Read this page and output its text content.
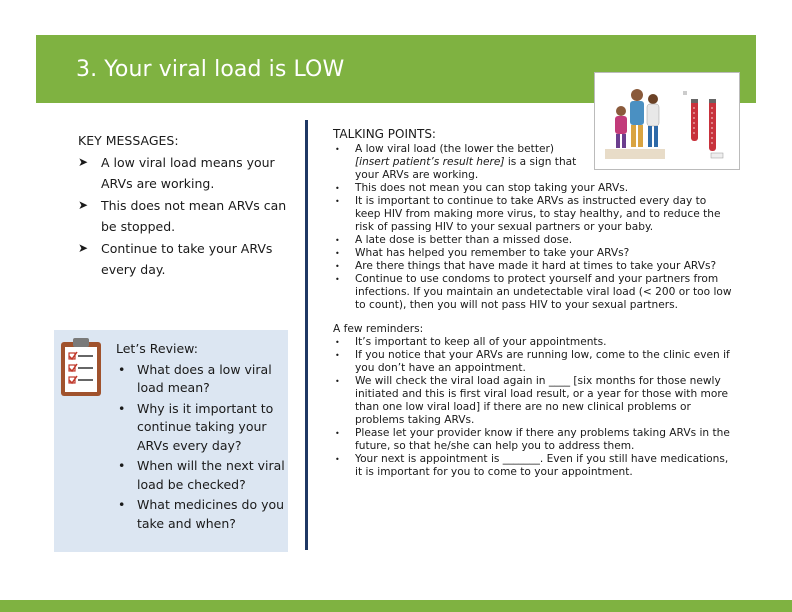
3. Your viral load is LOW
KEY MESSAGES:
➤ A low viral load means your ARVs are working.
➤ This does not mean ARVs can be stopped.
➤ Continue to take your ARVs every day.
Let’s Review:
• What does a low viral load mean?
• Why is it important to continue taking your ARVs every day?
• When will the next viral load be checked?
• What medicines do you take and when?
TALKING POINTS:
• A low viral load (the lower the better) [insert patient’s result here] is a sign that your ARVs are working.
• This does not mean you can stop taking your ARVs.
• It is important to continue to take ARVs as instructed every day to keep HIV from making more virus, to stay healthy, and to reduce the risk of passing HIV to your sexual partners or your baby.
• A late dose is better than a missed dose.
• What has helped you remember to take your ARVs?
• Are there things that have made it hard at times to take your ARVs?
• Continue to use condoms to protect yourself and your partners from infections. If you maintain an undetectable viral load (< 200 or too low to count), then you will not pass HIV to your sexual partners.
A few reminders:
• It’s important to keep all of your appointments.
• If you notice that your ARVs are running low, come to the clinic even if you don’t have an appointment.
• We will check the viral load again in ____ [six months for those newly initiated and this is first viral load result, or a year for those with more than one low viral load] if there are no new clinical problems or problems taking ARVs.
• Please let your provider know if there any problems taking ARVs in the future, so that he/she can help you to address them.
• Your next is appointment is _______. Even if you still have medications, it is important for you to come to your appointment.
